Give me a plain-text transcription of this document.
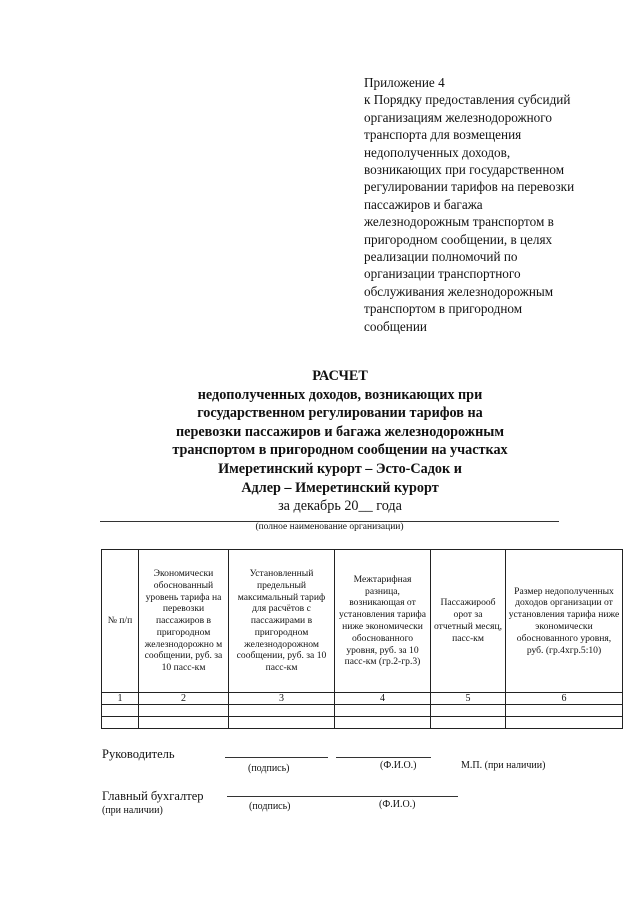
Приложение 4
к Порядку предоставления субсидий
организациям железнодорожного
транспорта для возмещения
недополученных доходов,
возникающих при государственном
регулировании тарифов на перевозки
пассажиров и багажа
железнодорожным транспортом в
пригородном сообщении, в целях
реализации полномочий по
организации транспортного
обслуживания железнодорожным
транспортом в пригородном
сообщении
РАСЧЕТ
недополученных доходов, возникающих при
государственном регулировании тарифов на
перевозки пассажиров и багажа железнодорожным
транспортом в пригородном сообщении на участках
Имеретинский курорт – Эсто-Садок и
Адлер – Имеретинский курорт
за декабрь 20__ года
(полное наименование организации)
№ п/п	Экономически обоснованный уровень тарифа на перевозки пассажиров в пригородном железнодорожно м сообщении, руб. за 10 пасс-км	Установленный предельный максимальный тариф для расчётов с пассажирами в пригородном железнодорожном сообщении, руб. за 10 пасс-км	Межтарифная разница, возникающая от установления тарифа ниже экономически обоснованного уровня, руб. за 10 пасс-км (гр.2-гр.3)	Пассажирооб орот за отчетный месяц, пасс-км	Размер недополученных доходов организации от установления тарифа ниже экономически обоснованного уровня, руб. (гр.4хгр.5:10)
1	2	3	4	5	6

Руководитель
(подпись)	(Ф.И.О.)	М.П. (при наличии)
Главный бухгалтер
(при наличии)	(подпись)	(Ф.И.О.)
